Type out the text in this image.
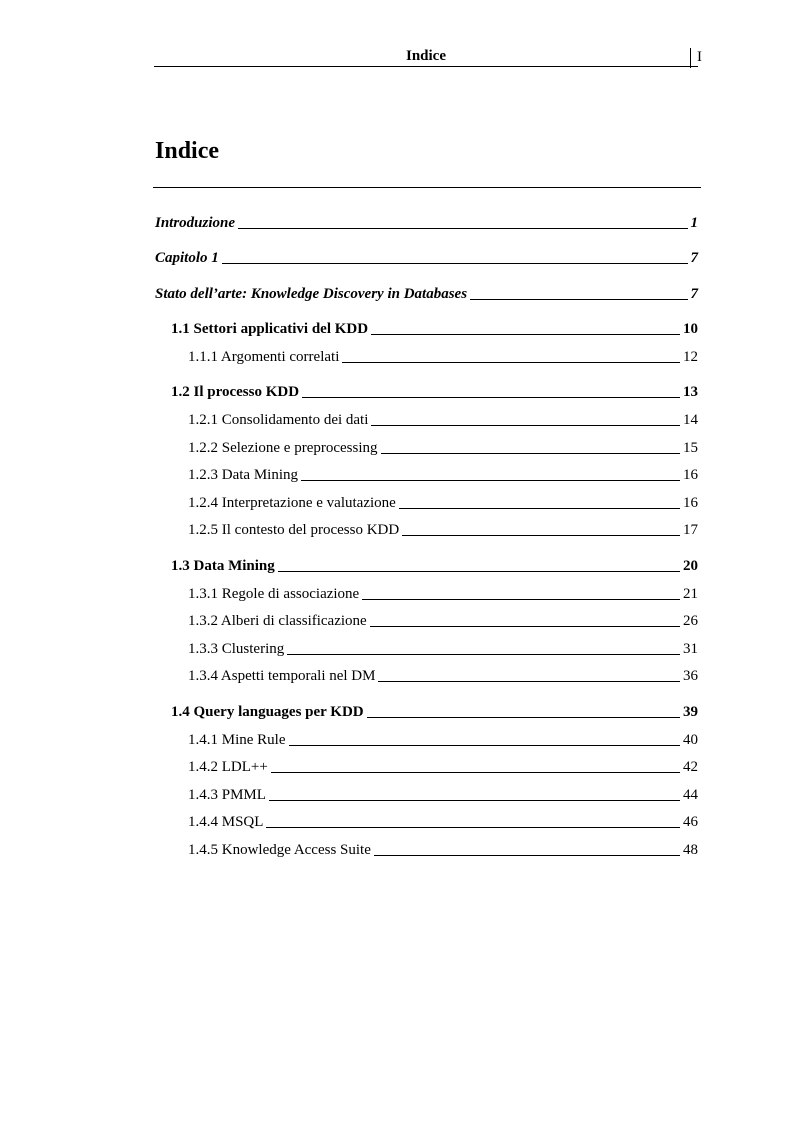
Indice	I
Indice
Introduzione	1
Capitolo 1	7
Stato dell’arte: Knowledge Discovery in Databases	7
1.1 Settori applicativi del KDD	10
1.1.1 Argomenti correlati	12
1.2 Il processo KDD	13
1.2.1 Consolidamento dei dati	14
1.2.2 Selezione e preprocessing	15
1.2.3 Data Mining	16
1.2.4 Interpretazione e valutazione	16
1.2.5 Il contesto del processo KDD	17
1.3 Data Mining	20
1.3.1 Regole di associazione	21
1.3.2 Alberi di classificazione	26
1.3.3 Clustering	31
1.3.4 Aspetti temporali nel DM	36
1.4 Query languages per KDD	39
1.4.1 Mine Rule	40
1.4.2 LDL++	42
1.4.3 PMML	44
1.4.4 MSQL	46
1.4.5 Knowledge Access Suite	48
